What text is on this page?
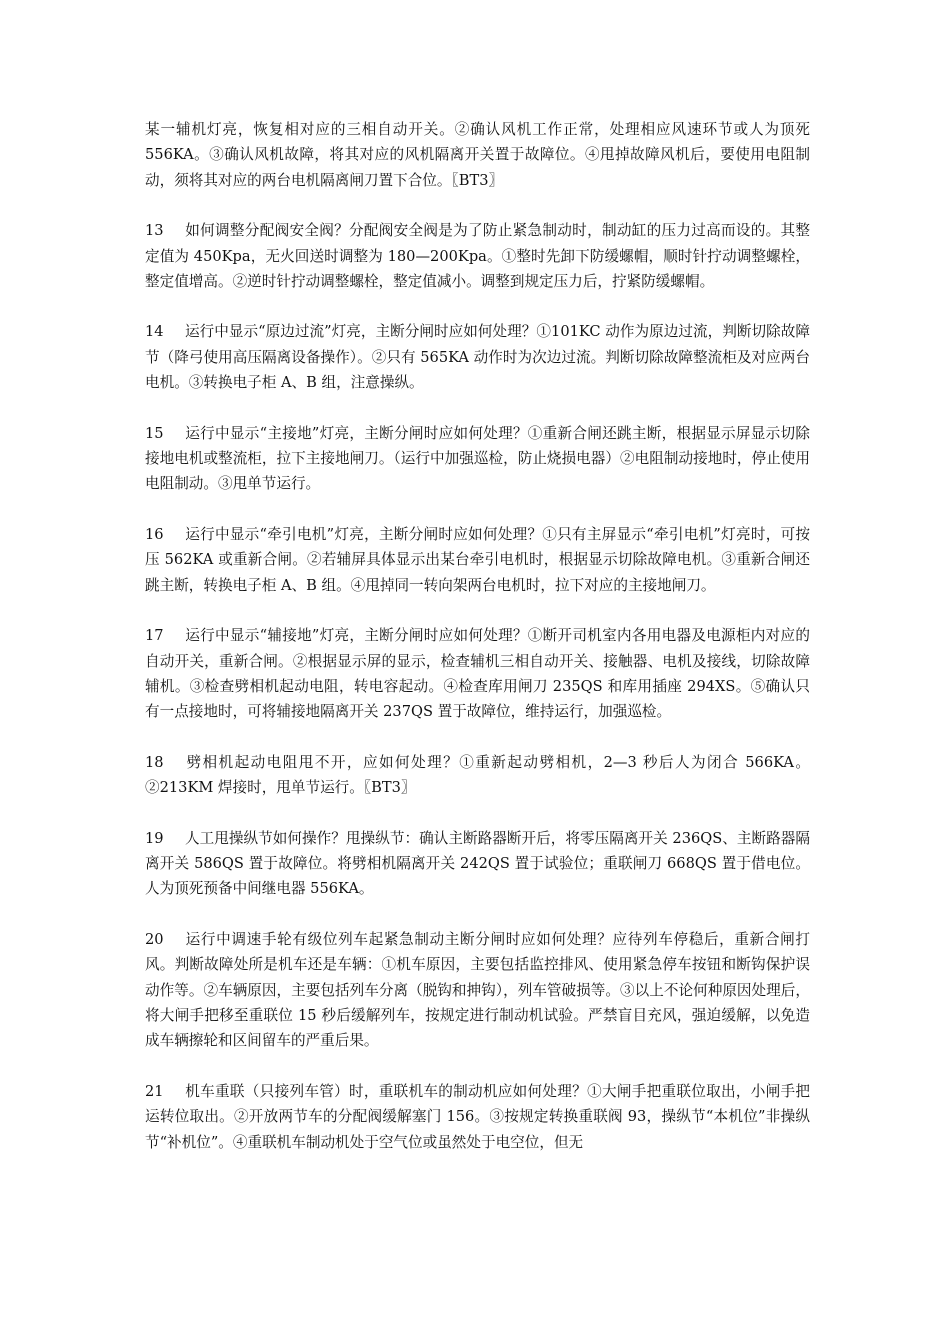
某一辅机灯亮，恢复相对应的三相自动开关。②确认风机工作正常，处理相应风速环节或人为顶死 556KA。③确认风机故障，将其对应的风机隔离开关置于故障位。④甩掉故障风机后，要使用电阻制动，须将其对应的两台电机隔离闸刀置下合位。〖BT3〗

13 如何调整分配阀安全阀？分配阀安全阀是为了防止紧急制动时，制动缸的压力过高而设的。其整定值为 450Kpa，无火回送时调整为 180—200Kpa。①整时先卸下防缓螺帽，顺时针拧动调整螺栓，整定值增高。②逆时针拧动调整螺栓，整定值减小。调整到规定压力后，拧紧防缓螺帽。

14 运行中显示“原边过流”灯亮，主断分闸时应如何处理？①101KC 动作为原边过流，判断切除故障节（降弓使用高压隔离设备操作）。②只有 565KA 动作时为次边过流。判断切除故障整流柜及对应两台电机。③转换电子柜 A、B 组，注意操纵。

15 运行中显示“主接地”灯亮，主断分闸时应如何处理？①重新合闸还跳主断，根据显示屏显示切除接地电机或整流柜，拉下主接地闸刀。（运行中加强巡检，防止烧损电器）②电阻制动接地时，停止使用电阻制动。③甩单节运行。

16 运行中显示“牵引电机”灯亮，主断分闸时应如何处理？①只有主屏显示“牵引电机”灯亮时，可按压 562KA 或重新合闸。②若辅屏具体显示出某台牵引电机时，根据显示切除故障电机。③重新合闸还跳主断，转换电子柜 A、B 组。④甩掉同一转向架两台电机时，拉下对应的主接地闸刀。

17 运行中显示“辅接地”灯亮，主断分闸时应如何处理？①断开司机室内各用电器及电源柜内对应的自动开关，重新合闸。②根据显示屏的显示，检查辅机三相自动开关、接触器、电机及接线，切除故障辅机。③检查劈相机起动电阻，转电容起动。④检查库用闸刀 235QS 和库用插座 294XS。⑤确认只有一点接地时，可将辅接地隔离开关 237QS 置于故障位，维持运行，加强巡检。

18 劈相机起动电阻甩不开，应如何处理？①重新起动劈相机，2—3 秒后人为闭合 566KA。②213KM 焊接时，甩单节运行。〖BT3〗

19 人工甩操纵节如何操作？甩操纵节：确认主断路器断开后，将零压隔离开关 236QS、主断路器隔离开关 586QS 置于故障位。将劈相机隔离开关 242QS 置于试验位；重联闸刀 668QS 置于借电位。人为顶死预备中间继电器 556KA。

20 运行中调速手轮有级位列车起紧急制动主断分闸时应如何处理？应待列车停稳后，重新合闸打风。判断故障处所是机车还是车辆：①机车原因，主要包括监控排风、使用紧急停车按钮和断钩保护误动作等。②车辆原因，主要包括列车分离（脱钩和抻钩），列车管破损等。③以上不论何种原因处理后，将大闸手把移至重联位 15 秒后缓解列车，按规定进行制动机试验。严禁盲目充风，强迫缓解，以免造成车辆擦轮和区间留车的严重后果。

21 机车重联（只接列车管）时，重联机车的制动机应如何处理？①大闸手把重联位取出，小闸手把运转位取出。②开放两节车的分配阀缓解塞门 156。③按规定转换重联阀 93，操纵节“本机位”非操纵节“补机位”。④重联机车制动机处于空气位或虽然处于电空位，但无
